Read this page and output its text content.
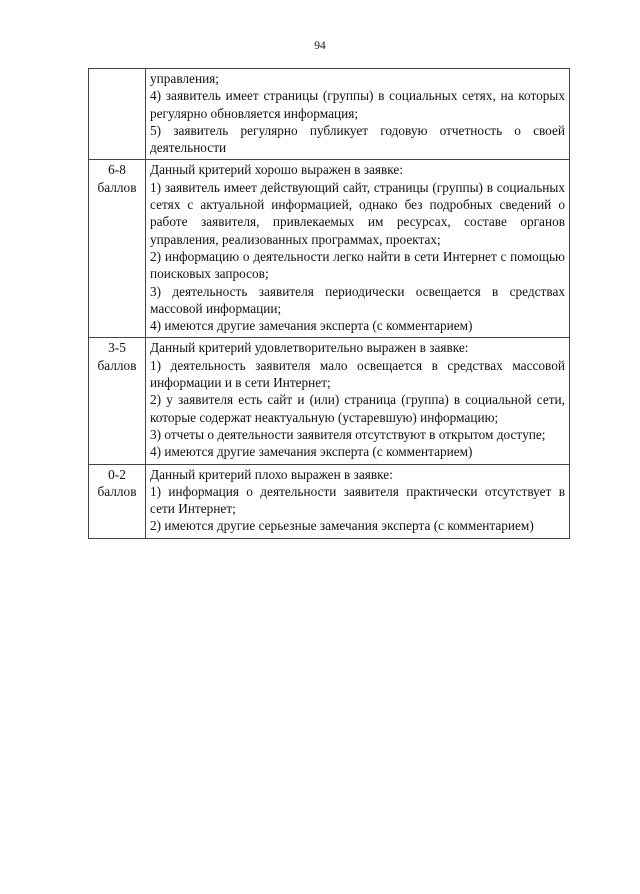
94

	управления;
4) заявитель имеет страницы (группы) в социальных сетях, на которых регулярно обновляется информация;
5) заявитель регулярно публикует годовую отчетность о своей деятельности

6-8
баллов	Данный критерий хорошо выражен в заявке:
1) заявитель имеет действующий сайт, страницы (группы) в социальных сетях с актуальной информацией, однако без подробных сведений о работе заявителя, привлекаемых им ресурсах, составе органов управления, реализованных программах, проектах;
2) информацию о деятельности легко найти в сети Интернет с помощью поисковых запросов;
3) деятельность заявителя периодически освещается в средствах массовой информации;
4) имеются другие замечания эксперта (с комментарием)

3-5
баллов	Данный критерий удовлетворительно выражен в заявке:
1) деятельность заявителя мало освещается в средствах массовой информации и в сети Интернет;
2) у заявителя есть сайт и (или) страница (группа) в социальной сети, которые содержат неактуальную (устаревшую) информацию;
3) отчеты о деятельности заявителя отсутствуют в открытом доступе;
4) имеются другие замечания эксперта (с комментарием)

0-2
баллов	Данный критерий плохо выражен в заявке:
1) информация о деятельности заявителя практически отсутствует в сети Интернет;
2) имеются другие серьезные замечания эксперта (с комментарием)
